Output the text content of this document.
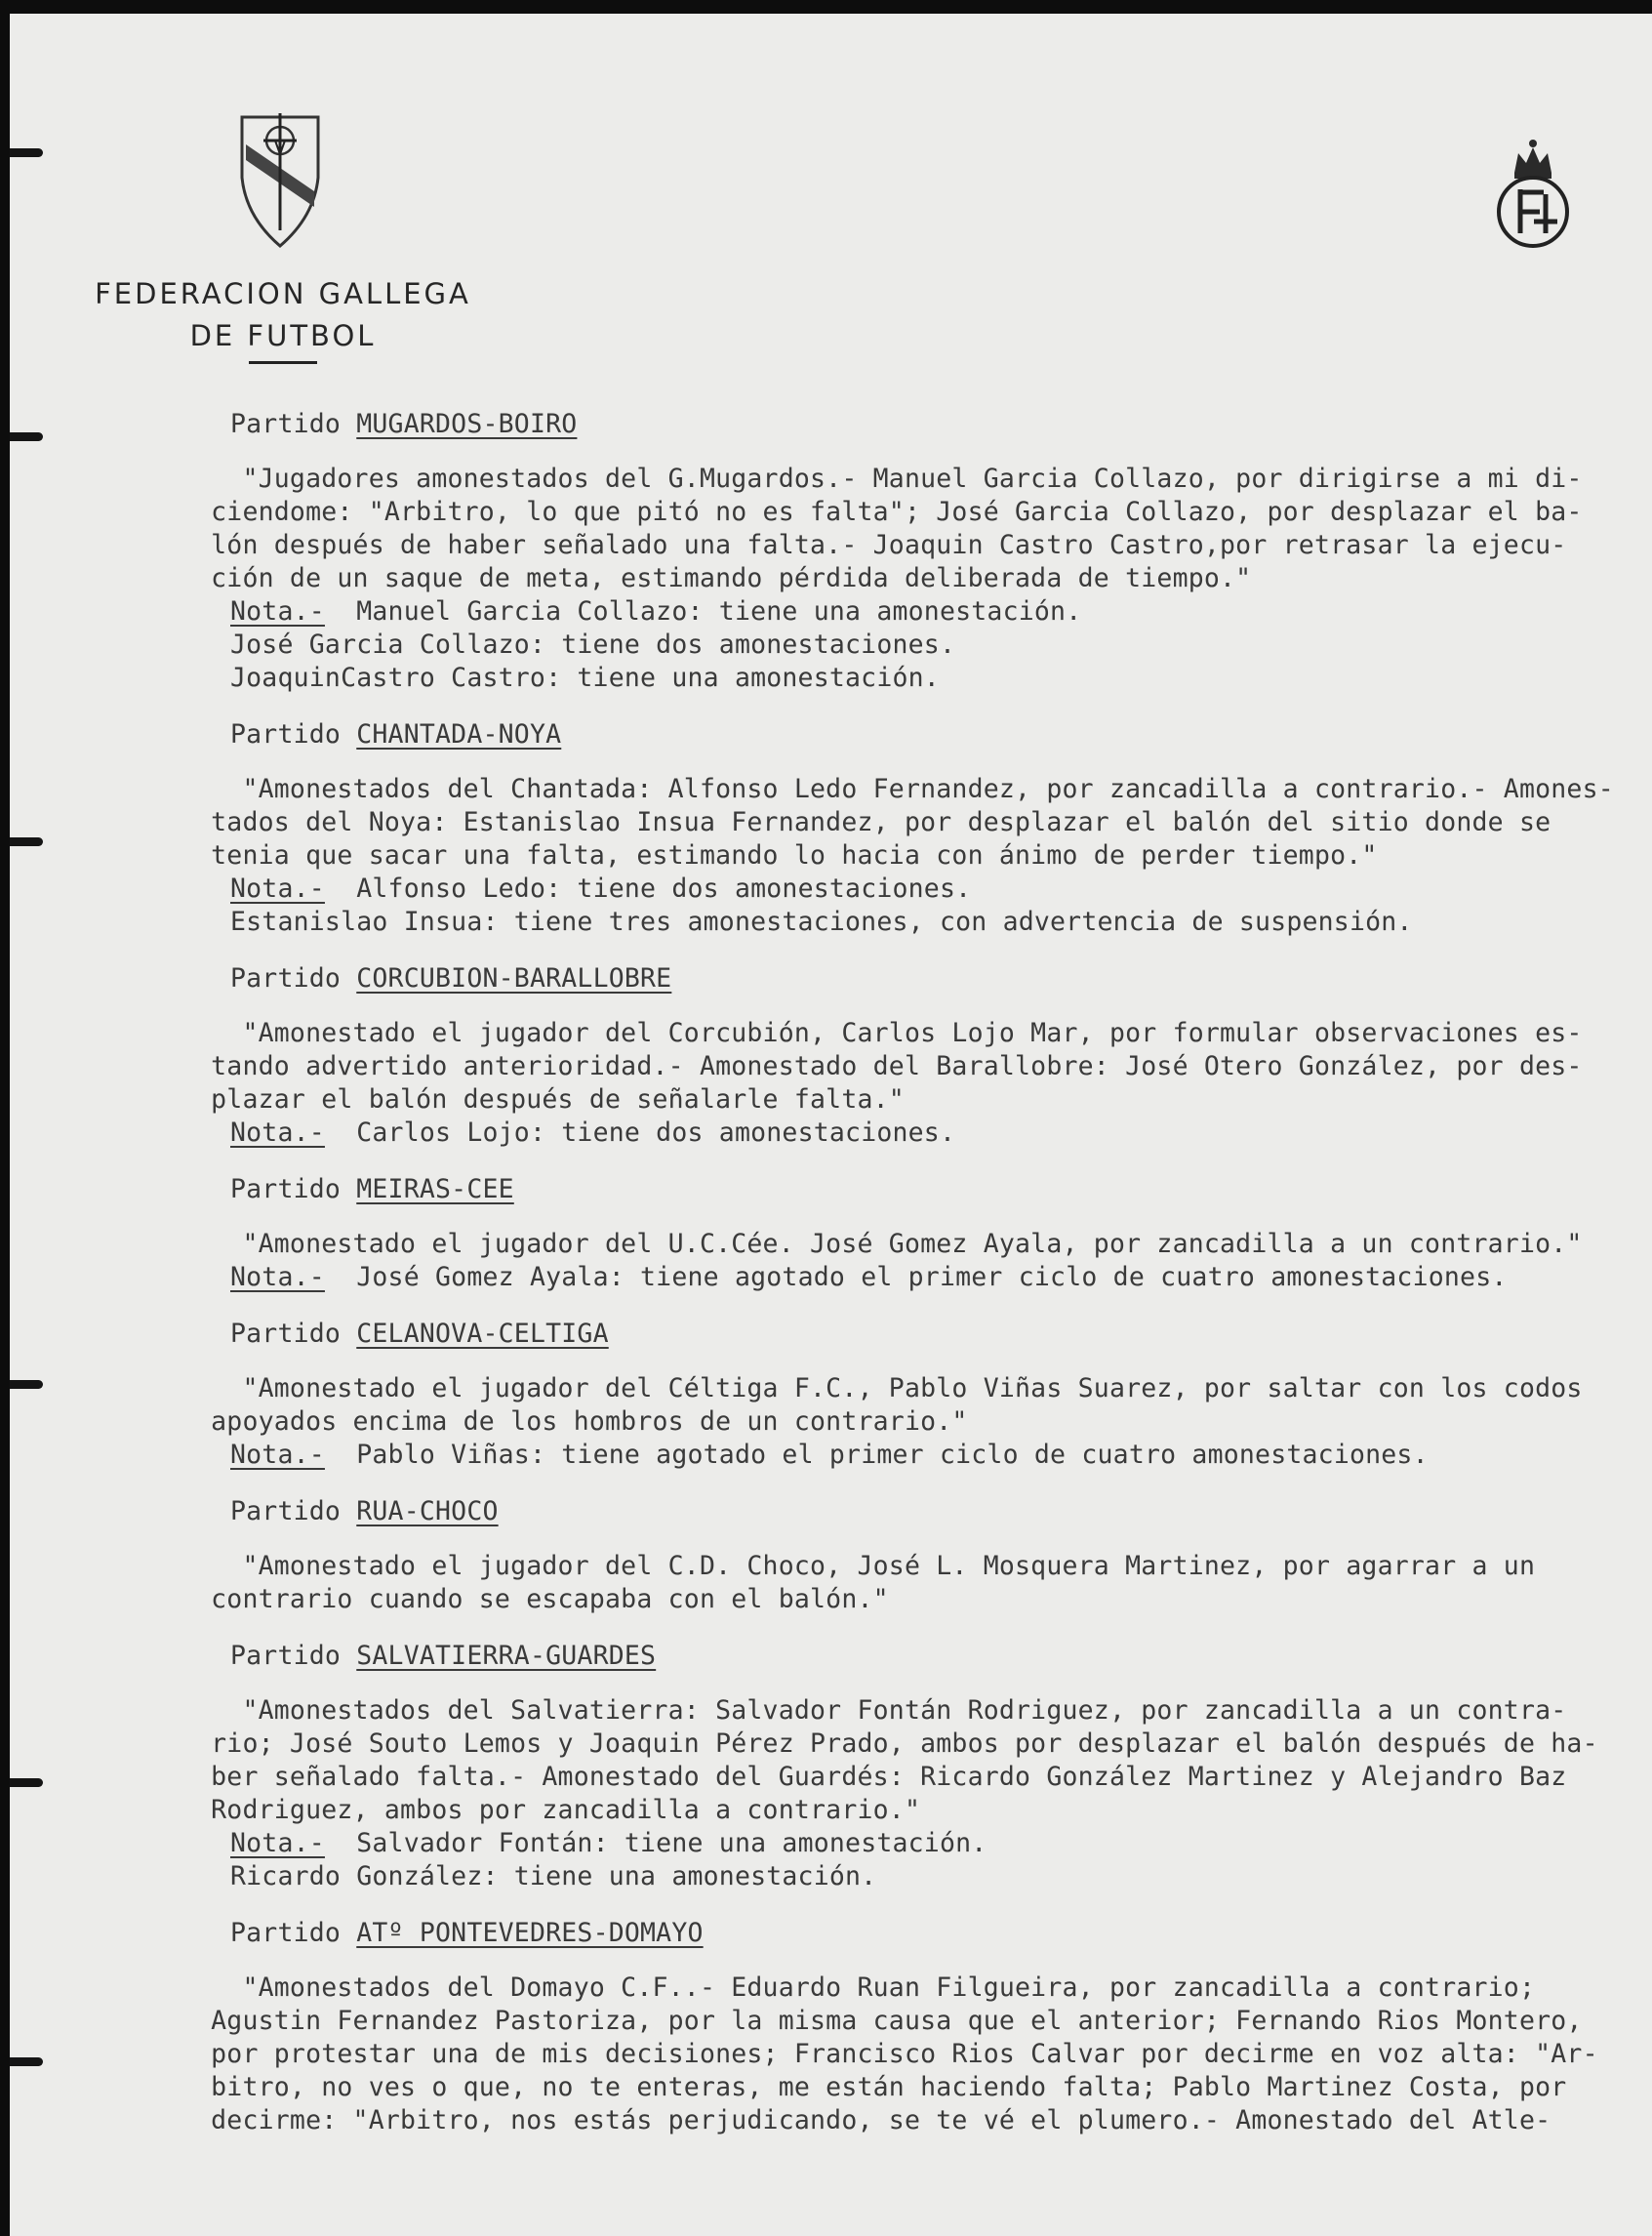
FEDERACION GALLEGA
DE FUTBOL
Partido MUGARDOS-BOIRO
"Jugadores amonestados del G.Mugardos.- Manuel Garcia Collazo, por dirigirse a mi di-
ciendome: "Arbitro, lo que pitó no es falta"; José Garcia Collazo, por desplazar el ba-
lón después de haber señalado una falta.- Joaquin Castro Castro,por retrasar la ejecu-
ción de un saque de meta, estimando pérdida deliberada de tiempo."
Nota.- Manuel Garcia Collazo: tiene una amonestación.
José Garcia Collazo: tiene dos amonestaciones.
JoaquinCastro Castro: tiene una amonestación.
Partido CHANTADA-NOYA
"Amonestados del Chantada: Alfonso Ledo Fernandez, por zancadilla a contrario.- Amones-
tados del Noya: Estanislao Insua Fernandez, por desplazar el balón del sitio donde se
tenia que sacar una falta, estimando lo hacia con ánimo de perder tiempo."
Nota.- Alfonso Ledo: tiene dos amonestaciones.
Estanislao Insua: tiene tres amonestaciones, con advertencia de suspensión.
Partido CORCUBION-BARALLOBRE
"Amonestado el jugador del Corcubión, Carlos Lojo Mar, por formular observaciones es-
tando advertido anterioridad.- Amonestado del Barallobre: José Otero González, por des-
plazar el balón después de señalarle falta."
Nota.- Carlos Lojo: tiene dos amonestaciones.
Partido MEIRAS-CEE
"Amonestado el jugador del U.C.Cée. José Gomez Ayala, por zancadilla a un contrario."
Nota.- José Gomez Ayala: tiene agotado el primer ciclo de cuatro amonestaciones.
Partido CELANOVA-CELTIGA
"Amonestado el jugador del Céltiga F.C., Pablo Viñas Suarez, por saltar con los codos
apoyados encima de los hombros de un contrario."
Nota.- Pablo Viñas: tiene agotado el primer ciclo de cuatro amonestaciones.
Partido RUA-CHOCO
"Amonestado el jugador del C.D. Choco, José L. Mosquera Martinez, por agarrar a un
contrario cuando se escapaba con el balón."
Partido SALVATIERRA-GUARDES
"Amonestados del Salvatierra: Salvador Fontán Rodriguez, por zancadilla a un contra-
rio; José Souto Lemos y Joaquin Pérez Prado, ambos por desplazar el balón después de ha-
ber señalado falta.- Amonestado del Guardés: Ricardo González Martinez y Alejandro Baz
Rodriguez, ambos por zancadilla a contrario."
Nota.- Salvador Fontán: tiene una amonestación.
Ricardo González: tiene una amonestación.
Partido ATº PONTEVEDRES-DOMAYO
"Amonestados del Domayo C.F..- Eduardo Ruan Filgueira, por zancadilla a contrario;
Agustin Fernandez Pastoriza, por la misma causa que el anterior; Fernando Rios Montero,
por protestar una de mis decisiones; Francisco Rios Calvar por decirme en voz alta: "Ar-
bitro, no ves o que, no te enteras, me están haciendo falta; Pablo Martinez Costa, por
decirme: "Arbitro, nos estás perjudicando, se te vé el plumero.- Amonestado del Atle-
